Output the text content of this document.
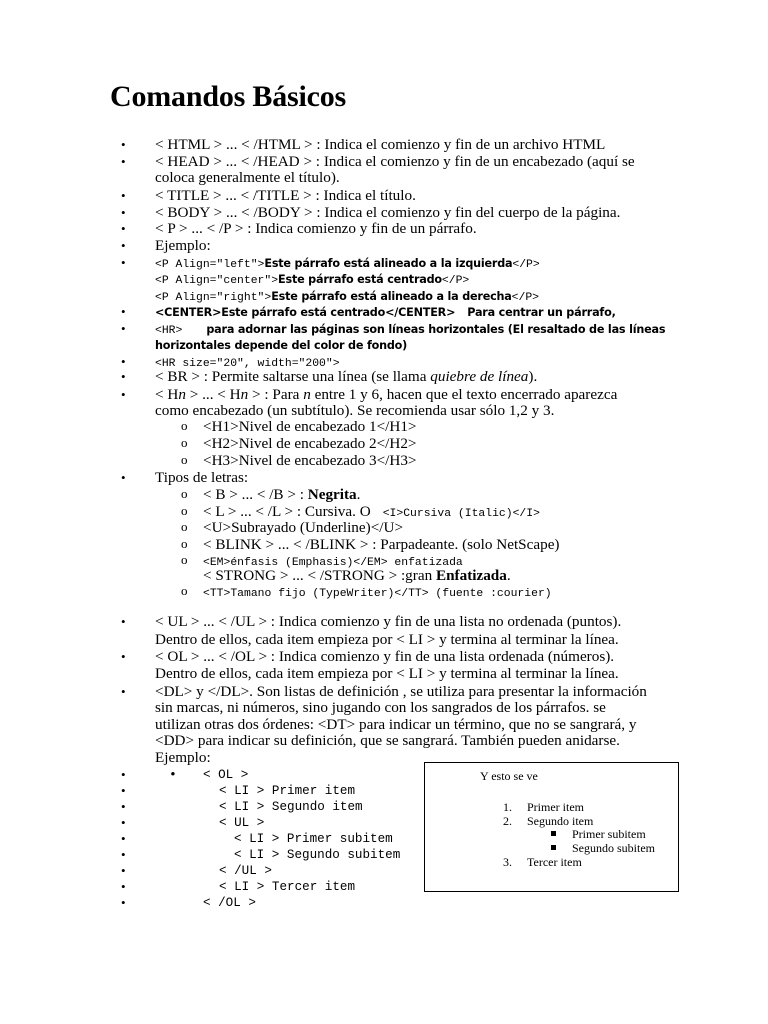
Comandos Básicos
• < HTML > ... < /HTML > : Indica el comienzo y fin de un archivo HTML
• < HEAD > ... < /HEAD > : Indica el comienzo y fin de un encabezado (aquí se
coloca generalmente el título).
• < TITLE > ... < /TITLE > : Indica el título.
• < BODY > ... < /BODY > : Indica el comienzo y fin del cuerpo de la página.
• < P > ... < /P > : Indica comienzo y fin de un párrafo.
• Ejemplo:
• <P Align="left">Este párrafo está alineado a la izquierda</P>
<P Align="center">Este párrafo está centrado</P>
<P Align="right">Este párrafo está alineado a la derecha</P>
• <CENTER>Este párrafo está centrado</CENTER> Para centrar un párrafo,
• <HR> para adornar las páginas son líneas horizontales (El resaltado de las líneas
horizontales depende del color de fondo)
• <HR size="20", width="200">
• < BR > : Permite saltarse una línea (se llama quiebre de línea).
• < Hn > ... < Hn > : Para n entre 1 y 6, hacen que el texto encerrado aparezca
como encabezado (un subtítulo). Se recomienda usar sólo 1,2 y 3.
o <H1>Nivel de encabezado 1</H1>
o <H2>Nivel de encabezado 2</H2>
o <H3>Nivel de encabezado 3</H3>
• Tipos de letras:
o < B > ... < /B > : Negrita.
o < L > ... < /L > : Cursiva. O <I>Cursiva (Italic)</I>
o <U>Subrayado (Underline)</U>
o < BLINK > ... < /BLINK > : Parpadeante. (solo NetScape)
o <EM>énfasis (Emphasis)</EM> enfatizada
< STRONG > ... < /STRONG > :gran Enfatizada.
o <TT>Tamano fijo (TypeWriter)</TT> (fuente :courier)
• < UL > ... < /UL > : Indica comienzo y fin de una lista no ordenada (puntos).
Dentro de ellos, cada item empieza por < LI > y termina al terminar la línea.
• < OL > ... < /OL > : Indica comienzo y fin de una lista ordenada (números).
Dentro de ellos, cada item empieza por < LI > y termina al terminar la línea.
• <DL> y </DL>. Son listas de definición , se utiliza para presentar la información
sin marcas, ni números, sino jugando con los sangrados de los párrafos. se
utilizan otras dos órdenes: <DT> para indicar un término, que no se sangrará, y
<DD> para indicar su definición, que se sangrará. También pueden anidarse.
Ejemplo:
• < OL >
< LI > Primer item
< LI > Segundo item
< UL >
< LI > Primer subitem
< LI > Segundo subitem
< /UL >
< LI > Tercer item
< /OL >
•
•
•
•
•
•
•
•
•
Y esto se ve
1. Primer item
2. Segundo item
Primer subitem
Segundo subitem
3. Tercer item
